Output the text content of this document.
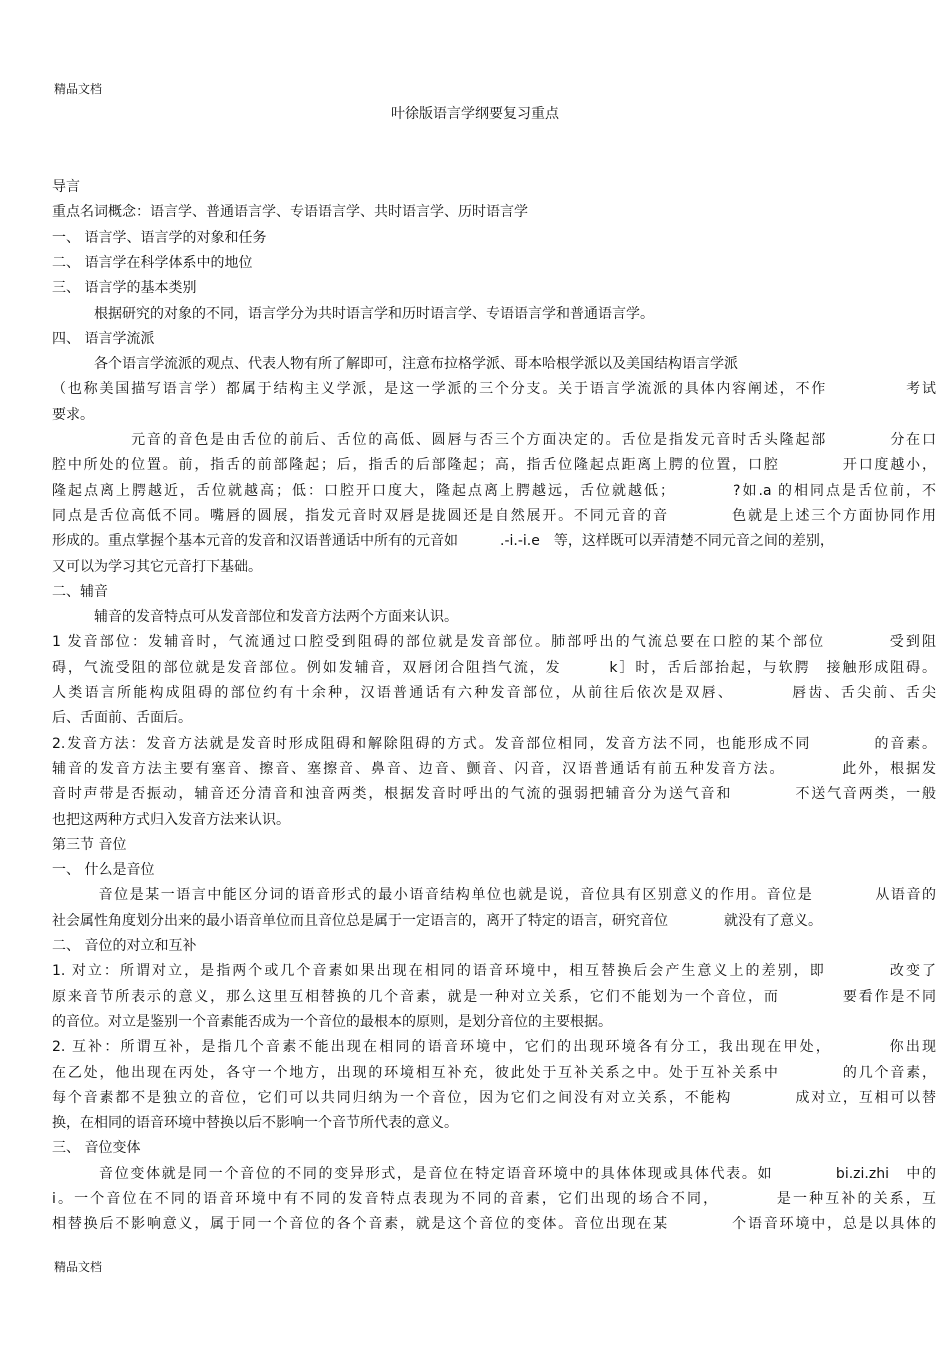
精品文档
叶徐版语言学纲要复习重点
导言
重点名词概念：语言学、普通语言学、专语语言学、共时语言学、历时语言学
一、 语言学、语言学的对象和任务
二、 语言学在科学体系中的地位
三、 语言学的基本类别
　　　根据研究的对象的不同，语言学分为共时语言学和历时语言学、专语语言学和普通语言学。
四、 语言学流派
　　　各个语言学流派的观点、代表人物有所了解即可，注意布拉格学派、哥本哈根学派以及美国结构语言学派
（也称美国描写语言学）都属于结构主义学派，是这一学派的三个分支。关于语言学流派的具体内容阐述，不作　　　　　考试
要求。
　　　　　元音的音色是由舌位的前后、舌位的高低、圆唇与否三个方面决定的。舌位是指发元音时舌头隆起部　　　　分在口
腔中所处的位置。前，指舌的前部隆起；后，指舌的后部隆起；高，指舌位隆起点距离上腭的位置，口腔　　　　开口度越小，
隆起点离上腭越近，舌位就越高；低：口腔开口度大，隆起点离上腭越远，舌位就越低；　　　　?如.a 的相同点是舌位前，不
同点是舌位高低不同。嘴唇的圆展，指发元音时双唇是拢圆还是自然展开。不同元音的音　　　　色就是上述三个方面协同作用
形成的。重点掌握个基本元音的发音和汉语普通话中所有的元音如　　　.-i.-i.e　等，这样既可以弄清楚不同元音之间的差别，
又可以为学习其它元音打下基础。
二、辅音
　　　辅音的发音特点可从发音部位和发音方法两个方面来认识。
1 发音部位：发辅音时，气流通过口腔受到阻碍的部位就是发音部位。肺部呼出的气流总要在口腔的某个部位　　　　受到阻
碍，气流受阻的部位就是发音部位。例如发辅音，双唇闭合阻挡气流，发　　　k］时，舌后部抬起，与软腭　接触形成阻碍。
人类语言所能构成阻碍的部位约有十余种，汉语普通话有六种发音部位，从前往后依次是双唇、　　　　唇齿、舌尖前、舌尖
后、舌面前、舌面后。
2.发音方法：发音方法就是发音时形成阻碍和解除阻碍的方式。发音部位相同，发音方法不同，也能形成不同　　　　的音素。
辅音的发音方法主要有塞音、擦音、塞擦音、鼻音、边音、颤音、闪音，汉语普通话有前五种发音方法。　　　　此外，根据发
音时声带是否振动，辅音还分清音和浊音两类，根据发音时呼出的气流的强弱把辅音分为送气音和　　　　不送气音两类，一般
也把这两种方式归入发音方法来认识。
第三节 音位
一、 什么是音位
　　　音位是某一语言中能区分词的语音形式的最小语音结构单位也就是说，音位具有区别意义的作用。音位是　　　　从语音的
社会属性角度划分出来的最小语音单位而且音位总是属于一定语言的，离开了特定的语言，研究音位　　　　就没有了意义。
二、 音位的对立和互补
1. 对立：所谓对立，是指两个或几个音素如果出现在相同的语音环境中，相互替换后会产生意义上的差别，即　　　　改变了
原来音节所表示的意义，那么这里互相替换的几个音素，就是一种对立关系，它们不能划为一个音位，而　　　　要看作是不同
的音位。对立是鉴别一个音素能否成为一个音位的最根本的原则，是划分音位的主要根据。
2. 互补：所谓互补，是指几个音素不能出现在相同的语音环境中，它们的出现环境各有分工，我出现在甲处，　　　　你出现
在乙处，他出现在丙处，各守一个地方，出现的环境相互补充，彼此处于互补关系之中。处于互补关系中　　　　的几个音素，
每个音素都不是独立的音位，它们可以共同归纳为一个音位，因为它们之间没有对立关系，不能构　　　　成对立，互相可以替
换，在相同的语音环境中替换以后不影响一个音节所代表的意义。
三、 音位变体
　　　音位变体就是同一个音位的不同的变异形式，是音位在特定语音环境中的具体体现或具体代表。如　　　　bi.zi.zhi　中的
i。一个音位在不同的语音环境中有不同的发音特点表现为不同的音素，它们出现的场合不同，　　　　是一种互补的关系，互
相替换后不影响意义，属于同一个音位的各个音素，就是这个音位的变体。音位出现在某　　　　个语音环境中，总是以具体的
精品文档
